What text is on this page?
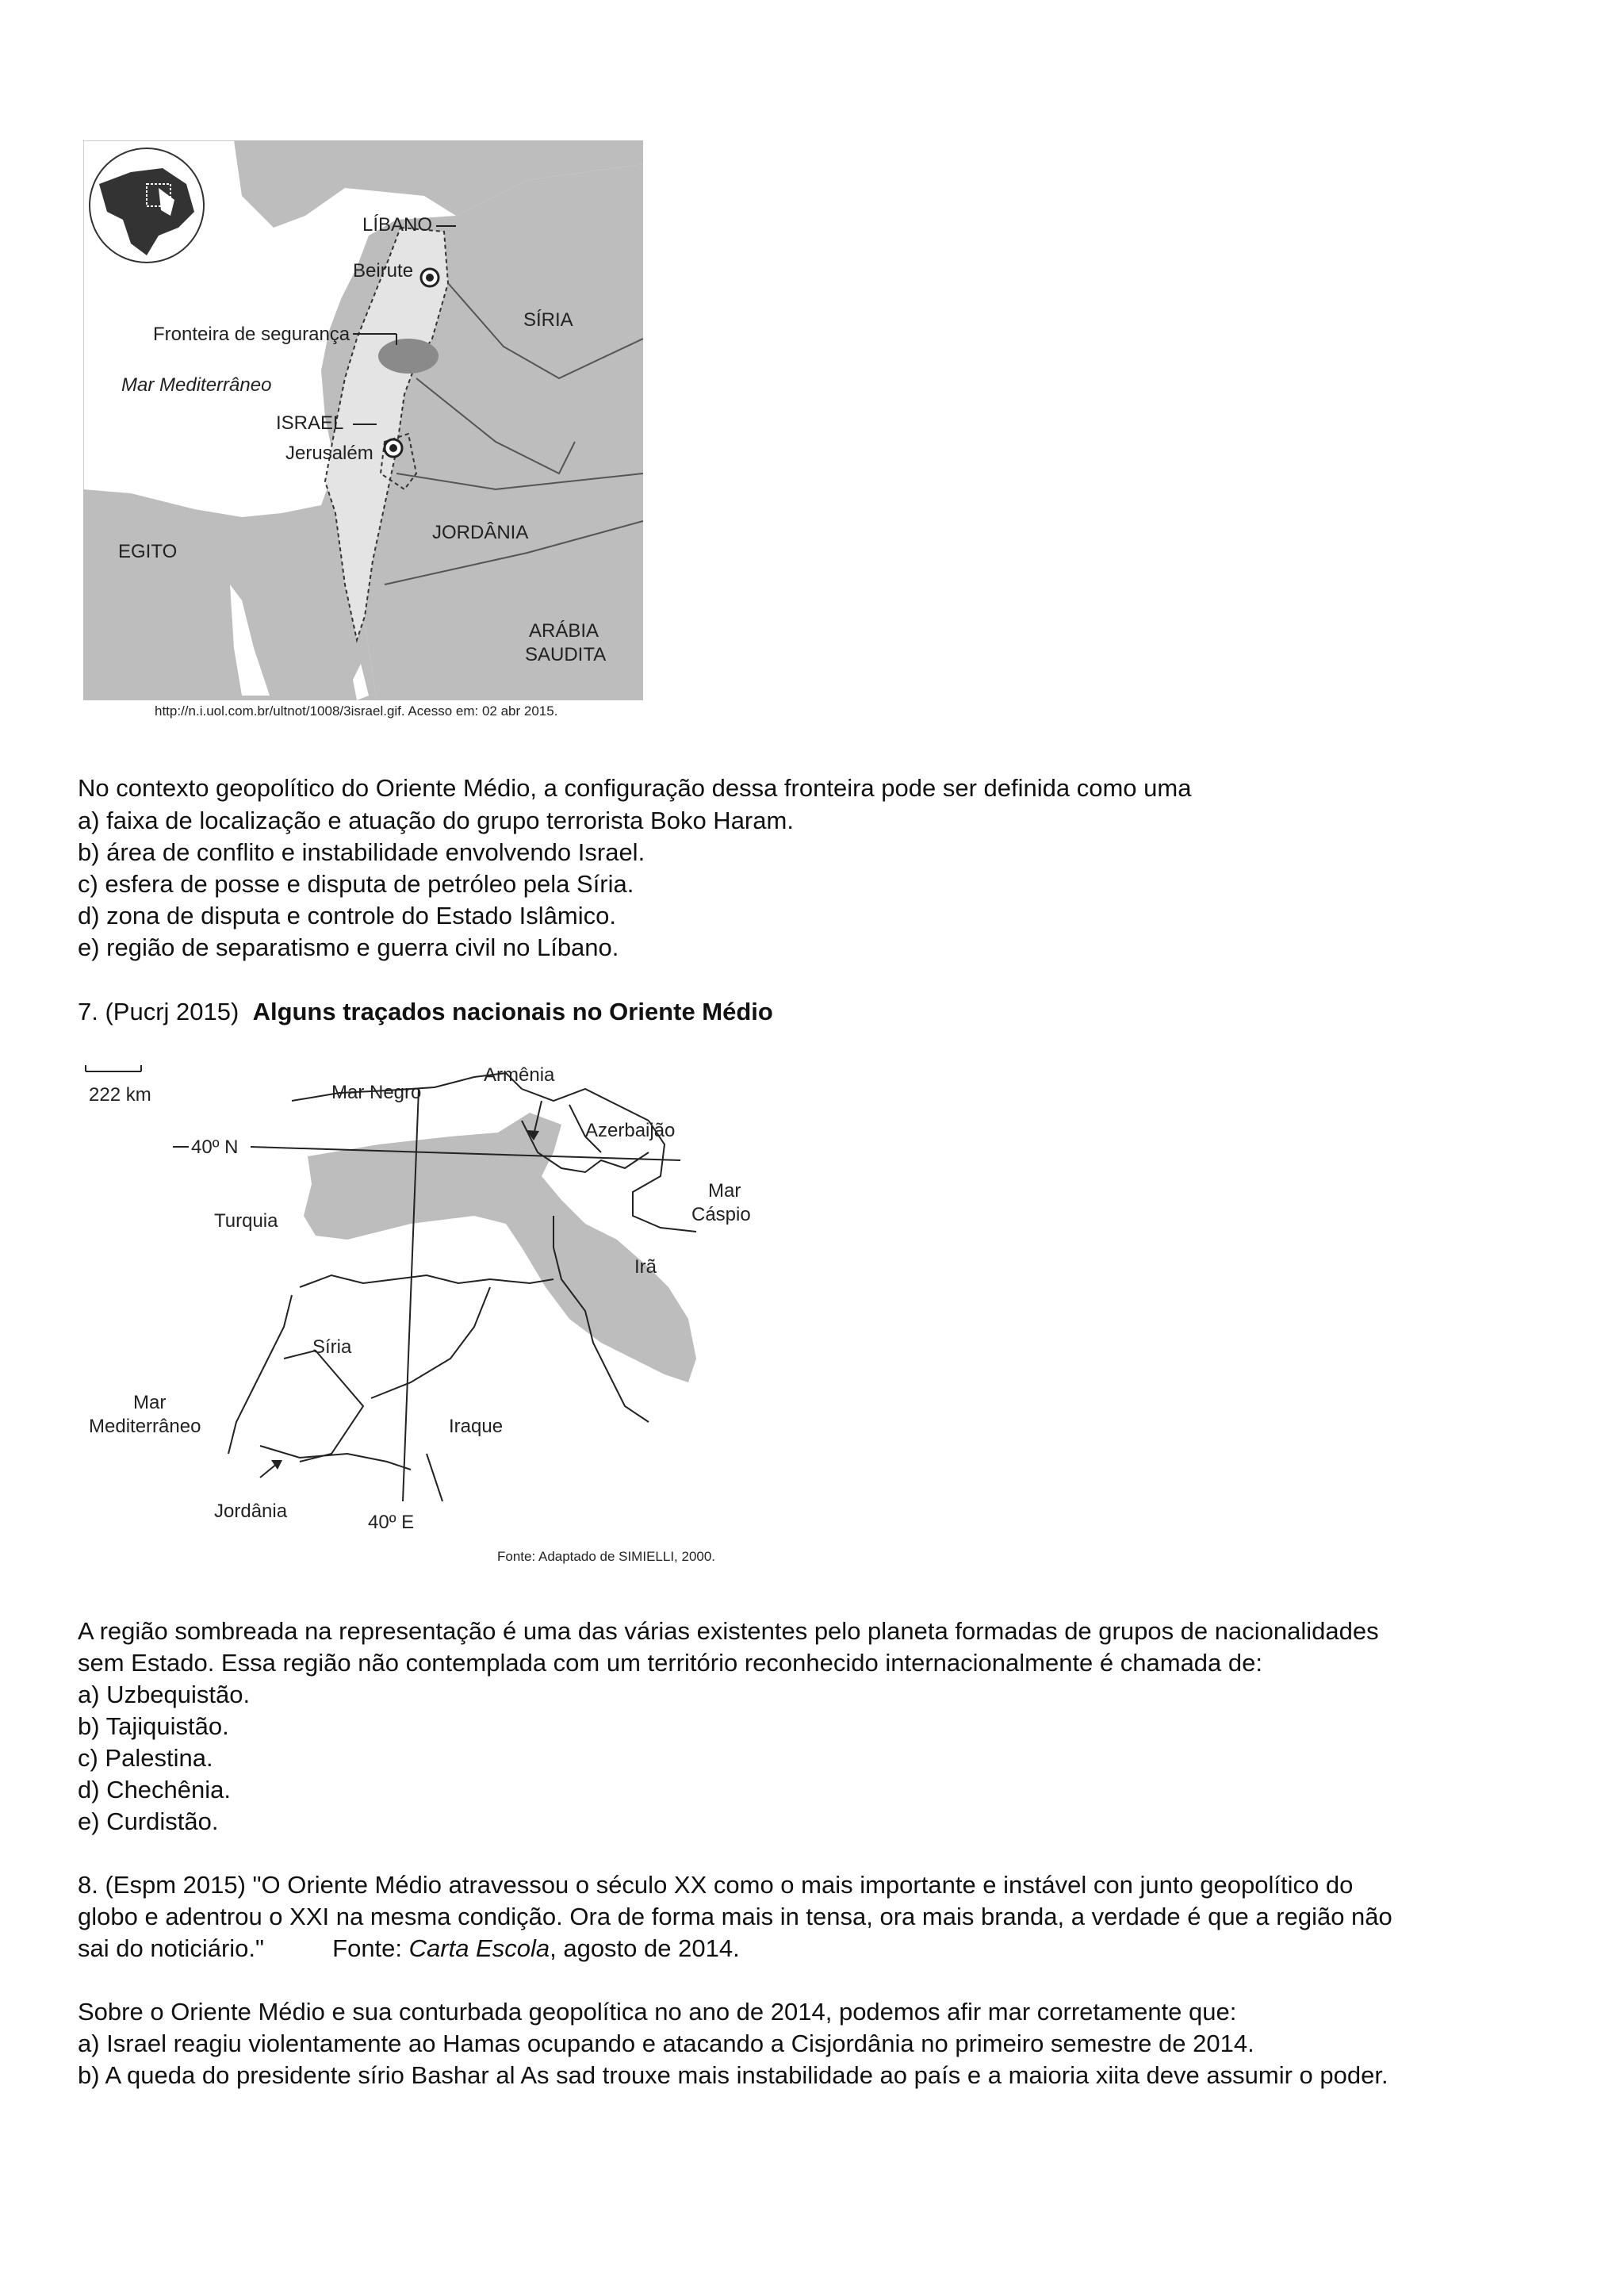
LÍBANO
Beirute
SÍRIA
Fronteira de segurança
Mar Mediterrâneo
ISRAEL
Jerusalém
EGITO
JORDÂNIA
ARÁBIA
SAUDITA
http://n.i.uol.com.br/ultnot/1008/3israel.gif. Acesso em: 02 abr 2015.
No contexto geopolítico do Oriente Médio, a configuração dessa fronteira pode ser definida como uma
a) faixa de localização e atuação do grupo terrorista Boko Haram.
b) área de conflito e instabilidade envolvendo Israel.
c) esfera de posse e disputa de petróleo pela Síria.
d) zona de disputa e controle do Estado Islâmico.
e) região de separatismo e guerra civil no Líbano.
7. (Pucrj 2015) Alguns traçados nacionais no Oriente Médio
222 km
40º N
40º E
Mar Negro
Armênia
Azerbaijão
Mar
Cáspio
Turquia
Irã
Síria
Mar
Mediterrâneo	Iraque
Jordânia
Fonte: Adaptado de SIMIELLI, 2000.
A região sombreada na representação é uma das várias existentes pelo planeta formadas de grupos de nacionalidades
sem Estado. Essa região não contemplada com um território reconhecido internacionalmente é chamada de:
a) Uzbequistão.
b) Tajiquistão.
c) Palestina.
d) Chechênia.
e) Curdistão.
8. (Espm 2015) "O Oriente Médio atravessou o século XX como o mais importante e instável con junto geopolítico do
globo e adentrou o XXI na mesma condição. Ora de forma mais in tensa, ora mais branda, a verdade é que a região não
sai do noticiário."          Fonte: Carta Escola, agosto de 2014.
Sobre o Oriente Médio e sua conturbada geopolítica no ano de 2014, podemos afir mar corretamente que:
a) Israel reagiu violentamente ao Hamas ocupando e atacando a Cisjordânia no primeiro semestre de 2014.
b) A queda do presidente sírio Bashar al As sad trouxe mais instabilidade ao país e a maioria xiita deve assumir o poder.
